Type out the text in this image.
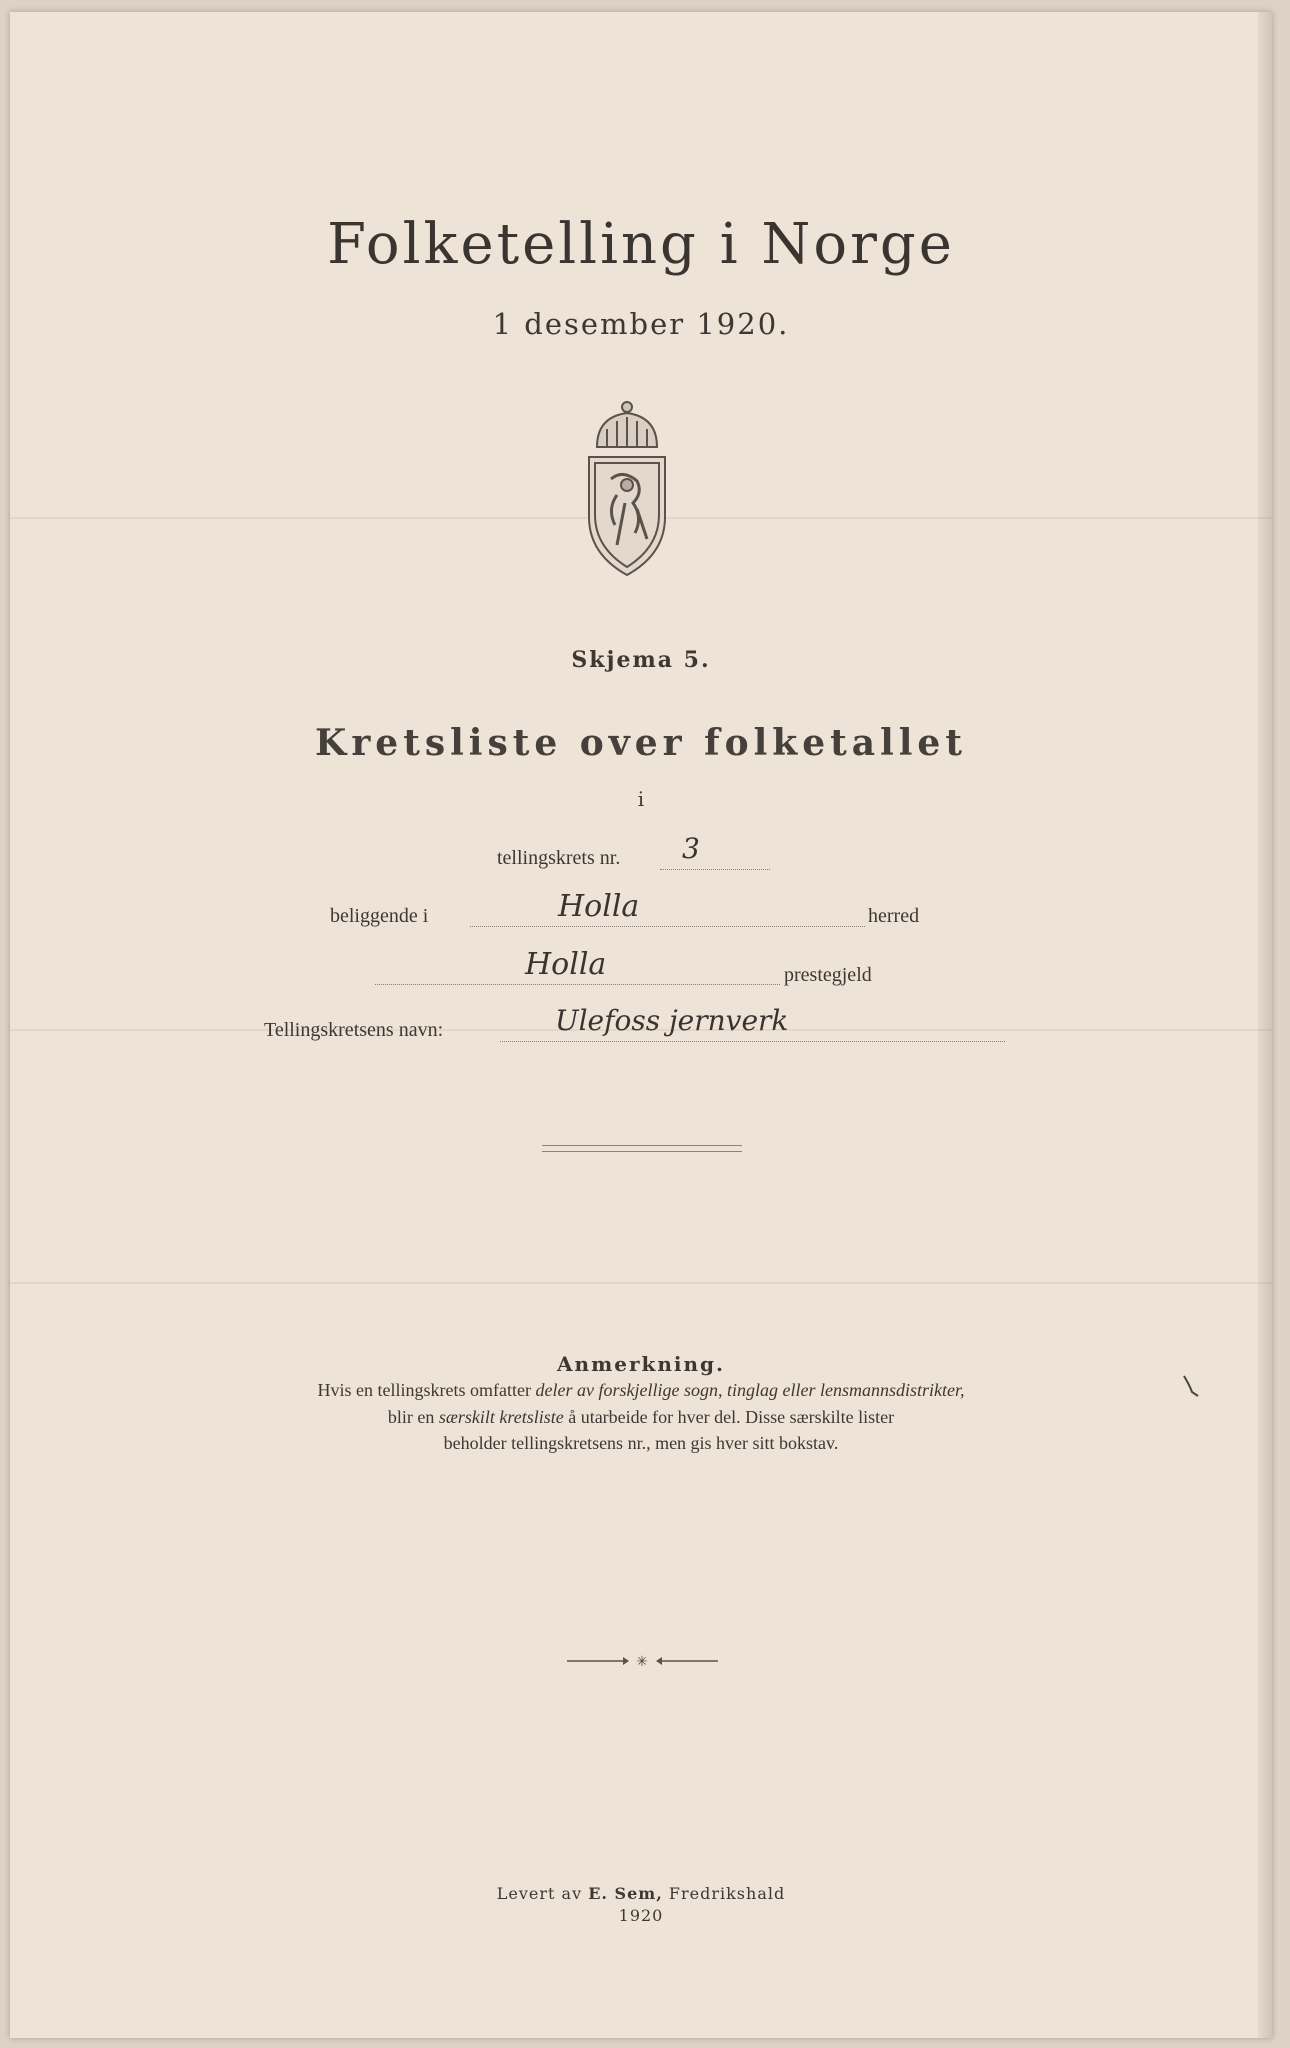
Folketelling i Norge
1 desember 1920.
Skjema 5.
Kretsliste over folketallet
i
tellingskrets nr. 3
beliggende i	Holla	herred
Holla	prestegjeld
Tellingskretsens navn:	Ulefoss jernverk
Anmerkning.
Hvis en tellingskrets omfatter deler av forskjellige sogn, tinglag eller lensmannsdistrikter,
blir en særskilt kretsliste å utarbeide for hver del. Disse særskilte lister
beholder tellingskretsens nr., men gis hver sitt bokstav.
✳
Levert av E. Sem, Fredrikshald
1920
